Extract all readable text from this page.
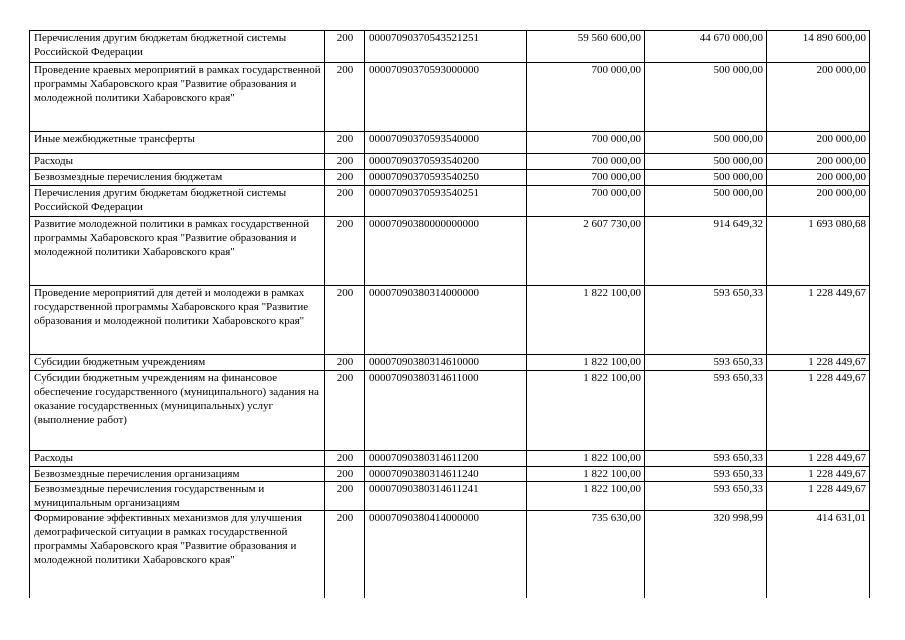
Перечисления другим бюджетам бюджетной системы Российской Федерации	200	00007090370543521251	59 560 600,00	44 670 000,00	14 890 600,00
Проведение краевых мероприятий в рамках государственной программы Хабаровского края "Развитие образования и молодежной политики Хабаровского края"	200	00007090370593000000	700 000,00	500 000,00	200 000,00
Иные межбюджетные трансферты	200	00007090370593540000	700 000,00	500 000,00	200 000,00
Расходы	200	00007090370593540200	700 000,00	500 000,00	200 000,00
Безвозмездные перечисления бюджетам	200	00007090370593540250	700 000,00	500 000,00	200 000,00
Перечисления другим бюджетам бюджетной системы Российской Федерации	200	00007090370593540251	700 000,00	500 000,00	200 000,00
Развитие молодежной политики в рамках государственной программы Хабаровского края "Развитие образования и молодежной политики Хабаровского края"	200	00007090380000000000	2 607 730,00	914 649,32	1 693 080,68
Проведение мероприятий для детей и молодежи в рамках государственной программы Хабаровского края "Развитие образования и молодежной политики Хабаровского края"	200	00007090380314000000	1 822 100,00	593 650,33	1 228 449,67
Субсидии бюджетным учреждениям	200	00007090380314610000	1 822 100,00	593 650,33	1 228 449,67
Субсидии бюджетным учреждениям на финансовое обеспечение государственного (муниципального) задания на оказание государственных (муниципальных) услуг (выполнение работ)	200	00007090380314611000	1 822 100,00	593 650,33	1 228 449,67
Расходы	200	00007090380314611200	1 822 100,00	593 650,33	1 228 449,67
Безвозмездные перечисления организациям	200	00007090380314611240	1 822 100,00	593 650,33	1 228 449,67
Безвозмездные перечисления государственным и муниципальным организациям	200	00007090380314611241	1 822 100,00	593 650,33	1 228 449,67
Формирование эффективных механизмов для улучшения демографической ситуации в рамках государственной программы Хабаровского края "Развитие образования и молодежной политики Хабаровского края"	200	00007090380414000000	735 630,00	320 998,99	414 631,01
